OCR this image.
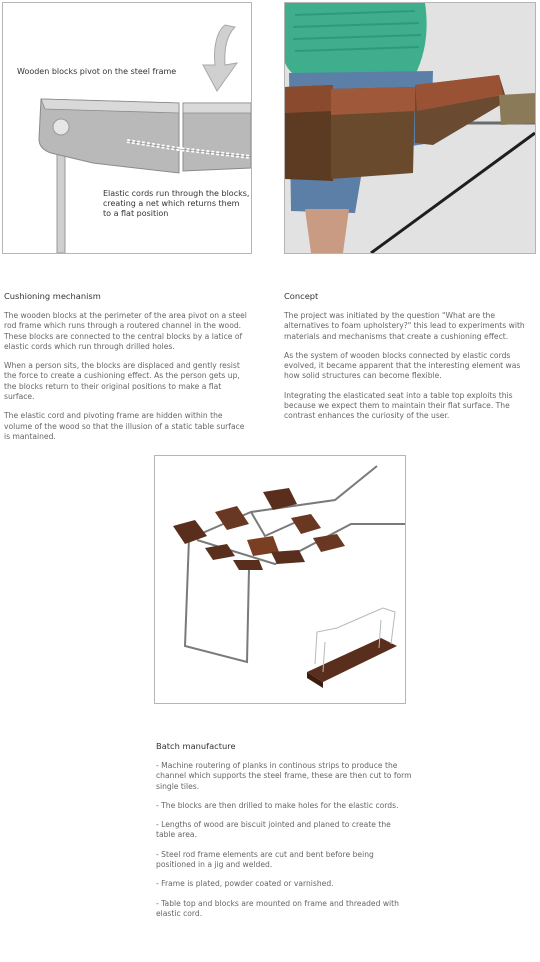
Wooden blocks pivot on the steel frame
Elastic cords run through the blocks,
creating a net which returns them
to a flat position
Cushioning mechanism

The wooden blocks at the perimeter of the area pivot on a steel rod frame which runs through a routered channel in the wood. These blocks are connected to the central blocks by a latice of elastic cords which run through drilled holes.

When a person sits, the blocks are displaced and gently resist the force to create a cushioning effect. As the person gets up, the blocks return to their original positions to make a flat surface.

The elastic cord and pivoting frame are hidden within the volume of the wood so that the illusion of a static table surface is mantained.

Concept

The project was initiated by the question "What are the alternatives to foam upholstery?" this lead to experiments with materials and mechanisms that create a cushioning effect.

As the system of wooden blocks connected by elastic cords evolved, it became apparent that the interesting element was how solid structures can become flexible.

Integrating the elasticated seat into a table top exploits this because we expect them to maintain their flat surface. The contrast enhances the curiosity of the user.

Batch manufacture

- Machine routering of planks in continous strips to produce the channel which supports the steel frame, these are then cut to form single tiles.

- The blocks are then drilled to make holes for the elastic cords.

- Lengths of wood are biscuit jointed and planed to create the table area.

- Steel rod frame elements are cut and bent before being positioned in a jig and welded.

- Frame is plated, powder coated or varnished.

- Table top and blocks are mounted on frame and threaded with elastic cord.
